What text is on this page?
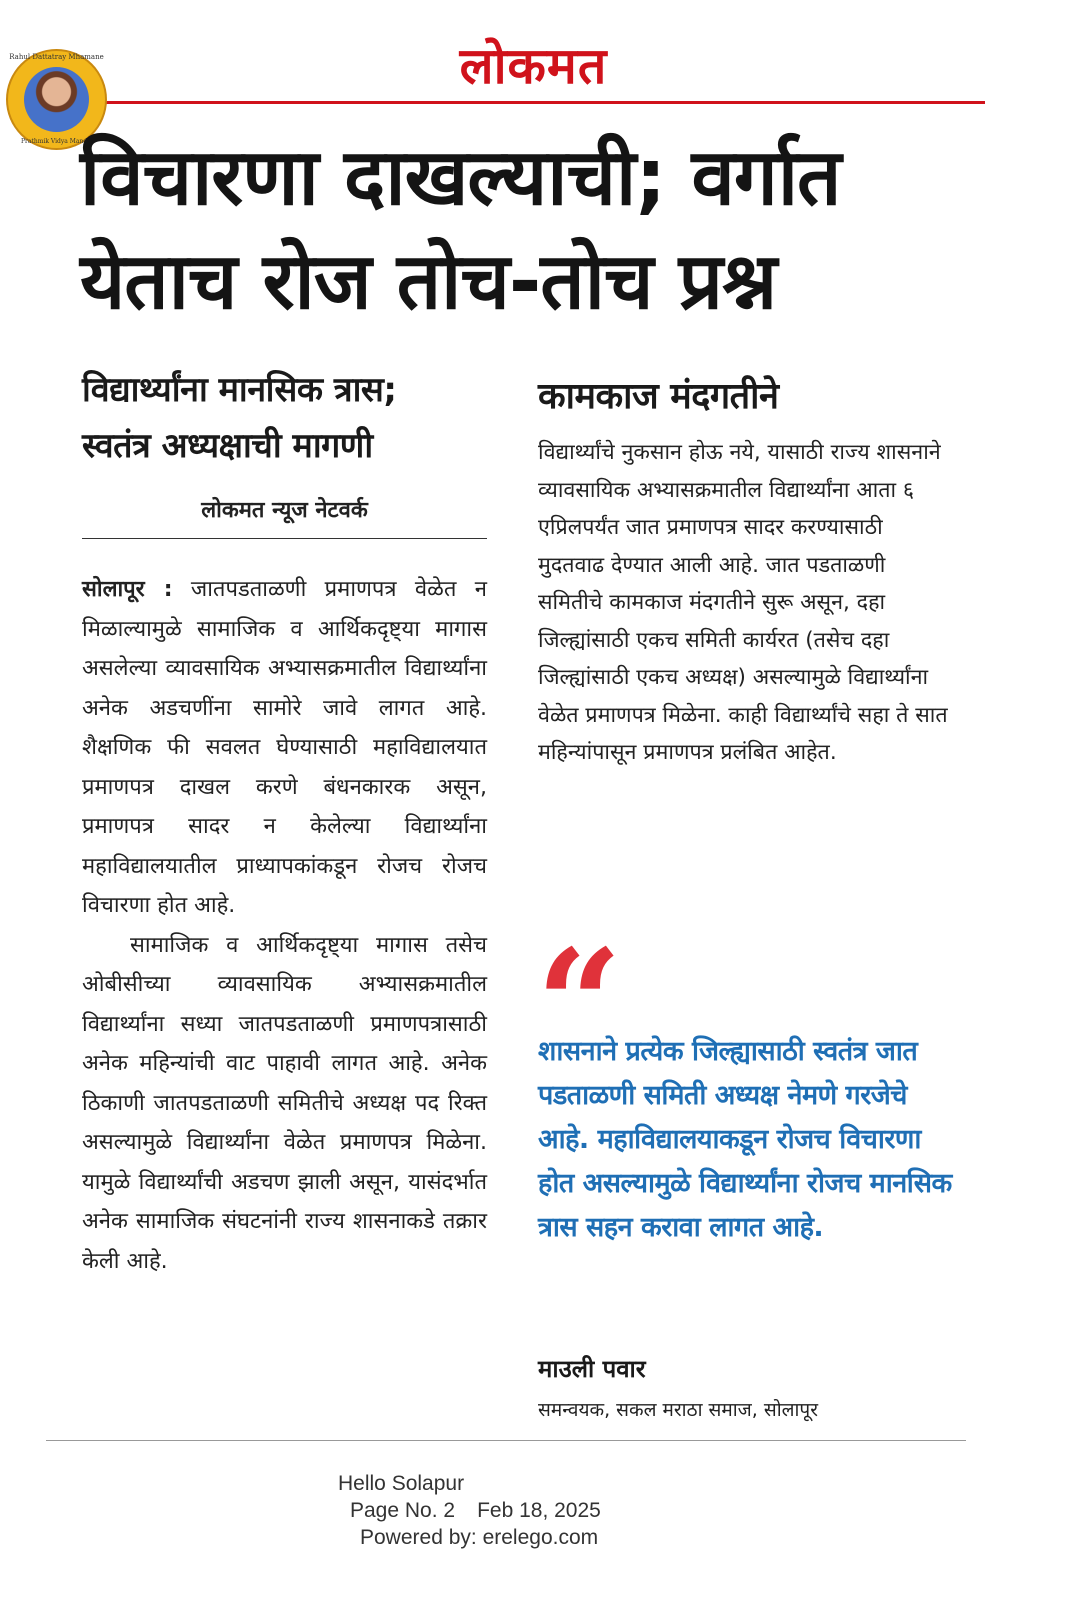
लोकमत
Rahul Dattatray Mhamane
Prathmik Vidya Mandir
विचारणा दाखल्याची; वर्गात
येताच रोज तोच-तोच प्रश्न
विद्यार्थ्यांना मानसिक त्रास;
स्वतंत्र अध्यक्षाची मागणी
लोकमत न्यूज नेटवर्क

सोलापूर : जातपडताळणी प्रमाणपत्र वेळेत न मिळाल्यामुळे सामाजिक व आर्थिकदृष्ट्या मागास असलेल्या व्यावसायिक अभ्यासक्रमातील विद्यार्थ्यांना अनेक अडचणींना सामोरे जावे लागत आहे. शैक्षणिक फी सवलत घेण्यासाठी महाविद्यालयात प्रमाणपत्र दाखल करणे बंधनकारक असून, प्रमाणपत्र सादर न केलेल्या विद्यार्थ्यांना महाविद्यालयातील प्राध्यापकांकडून रोजच रोजच विचारणा होत आहे.

सामाजिक व आर्थिकदृष्ट्या मागास तसेच ओबीसीच्या व्यावसायिक अभ्यासक्रमातील विद्यार्थ्यांना सध्या जातपडताळणी प्रमाणपत्रासाठी अनेक महिन्यांची वाट पाहावी लागत आहे. अनेक ठिकाणी जातपडताळणी समितीचे अध्यक्ष पद रिक्त असल्यामुळे विद्यार्थ्यांना वेळेत प्रमाणपत्र मिळेना. यामुळे विद्यार्थ्यांची अडचण झाली असून, यासंदर्भात अनेक सामाजिक संघटनांनी राज्य शासनाकडे तक्रार केली आहे.

कामकाज मंदगतीने

विद्यार्थ्यांचे नुकसान होऊ नये, यासाठी राज्य शासनाने व्यावसायिक अभ्यासक्रमातील विद्यार्थ्यांना आता ६ एप्रिलपर्यंत जात प्रमाणपत्र सादर करण्यासाठी मुदतवाढ देण्यात आली आहे. जात पडताळणी समितीचे कामकाज मंदगतीने सुरू असून, दहा जिल्ह्यांसाठी एकच समिती कार्यरत (तसेच दहा जिल्ह्यांसाठी एकच अध्यक्ष) असल्यामुळे विद्यार्थ्यांना वेळेत प्रमाणपत्र मिळेना. काही विद्यार्थ्यांचे सहा ते सात महिन्यांपासून प्रमाणपत्र प्रलंबित आहेत.

“
शासनाने प्रत्येक जिल्ह्यासाठी स्वतंत्र जात पडताळणी समिती अध्यक्ष नेमणे गरजेचे आहे. महाविद्यालयाकडून रोजच विचारणा होत असल्यामुळे विद्यार्थ्यांना रोजच मानसिक त्रास सहन करावा लागत आहे.
माउली पवार
समन्वयक, सकल मराठा समाज, सोलापूर
Hello Solapur
Page No. 2 Feb 18, 2025
Powered by: erelego.com
